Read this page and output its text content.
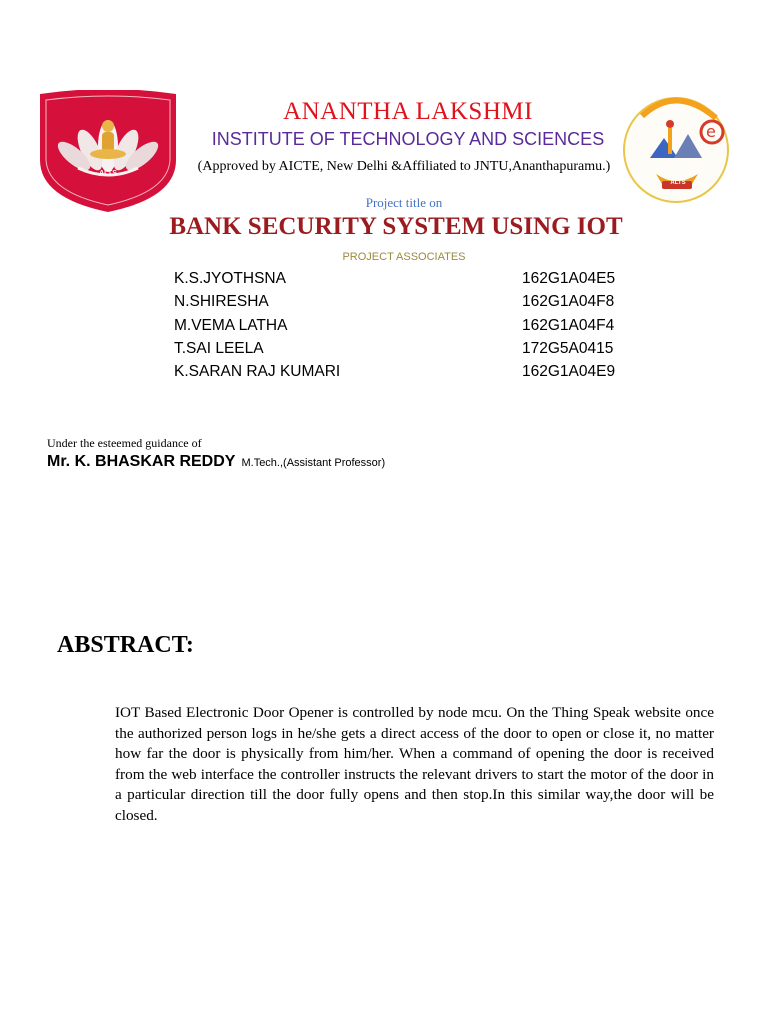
ALTS
e
ALTS
ANANTHA LAKSHMI
INSTITUTE OF TECHNOLOGY AND SCIENCES
(Approved by AICTE, New Delhi &Affiliated to JNTU,Ananthapuramu.)
Project title on
BANK SECURITY SYSTEM USING IOT
PROJECT ASSOCIATES
K.S.JYOTHSNA	162G1A04E5
N.SHIRESHA	162G1A04F8
M.VEMA LATHA	162G1A04F4
T.SAI LEELA	172G5A0415
K.SARAN RAJ KUMARI	162G1A04E9
Under the esteemed guidance of
Mr. K. BHASKAR REDDY M.Tech.,(Assistant Professor)
ABSTRACT:
IOT Based Electronic Door Opener is controlled by node mcu. On the Thing Speak website once the authorized person logs in he/she gets a direct access of the door to open or close it, no matter how far the door is physically from him/her. When a command of opening the door is received from the web interface the controller instructs the relevant drivers to start the motor of the door in a particular direction till the door fully opens and then stop.In this similar way,the door will be closed.
